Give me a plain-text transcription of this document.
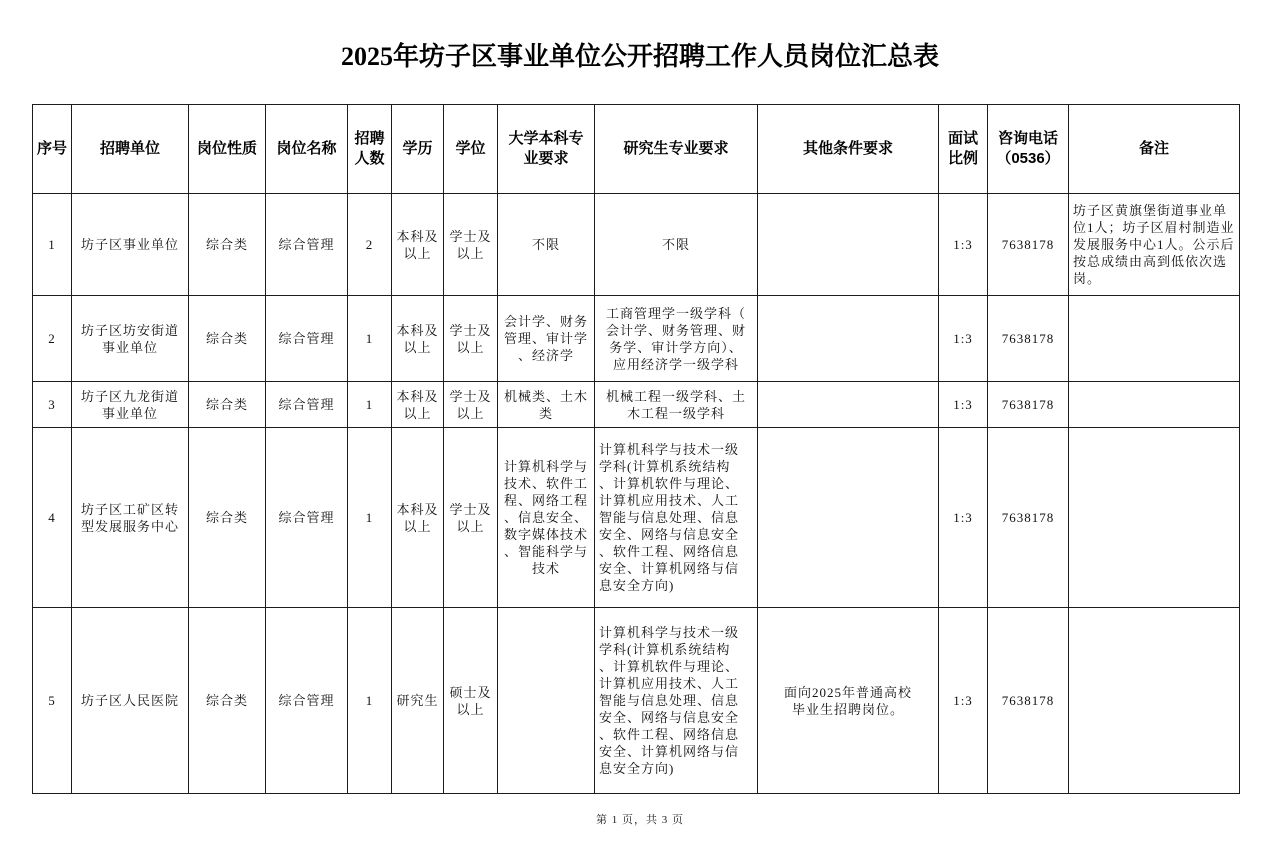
2025年坊子区事业单位公开招聘工作人员岗位汇总表
序号	招聘单位	岗位性质	岗位名称	招聘人数	学历	学位	大学本科专业要求	研究生专业要求	其他条件要求	面试比例	咨询电话（0536）	备注
1	坊子区事业单位	综合类	综合管理	2	本科及以上	学士及以上	不限	不限		1:3	7638178	坊子区黄旗堡街道事业单位1人；坊子区眉村制造业发展服务中心1人。公示后按总成绩由高到低依次选岗。
2	坊子区坊安街道事业单位	综合类	综合管理	1	本科及以上	学士及以上	会计学、财务管理、审计学、经济学	工商管理学一级学科（会计学、财务管理、财务学、审计学方向）、应用经济学一级学科		1:3	7638178	
3	坊子区九龙街道事业单位	综合类	综合管理	1	本科及以上	学士及以上	机械类、土木类	机械工程一级学科、土木工程一级学科		1:3	7638178	
4	坊子区工矿区转型发展服务中心	综合类	综合管理	1	本科及以上	学士及以上	计算机科学与技术、软件工程、网络工程、信息安全、数字媒体技术、智能科学与技术	计算机科学与技术一级学科(计算机系统结构、计算机软件与理论、计算机应用技术、人工智能与信息处理、信息安全、网络与信息安全、软件工程、网络信息安全、计算机网络与信息安全方向)		1:3	7638178	
5	坊子区人民医院	综合类	综合管理	1	研究生	硕士及以上		计算机科学与技术一级学科(计算机系统结构、计算机软件与理论、计算机应用技术、人工智能与信息处理、信息安全、网络与信息安全、软件工程、网络信息安全、计算机网络与信息安全方向)	面向2025年普通高校毕业生招聘岗位。	1:3	7638178	
第 1 页，共 3 页
